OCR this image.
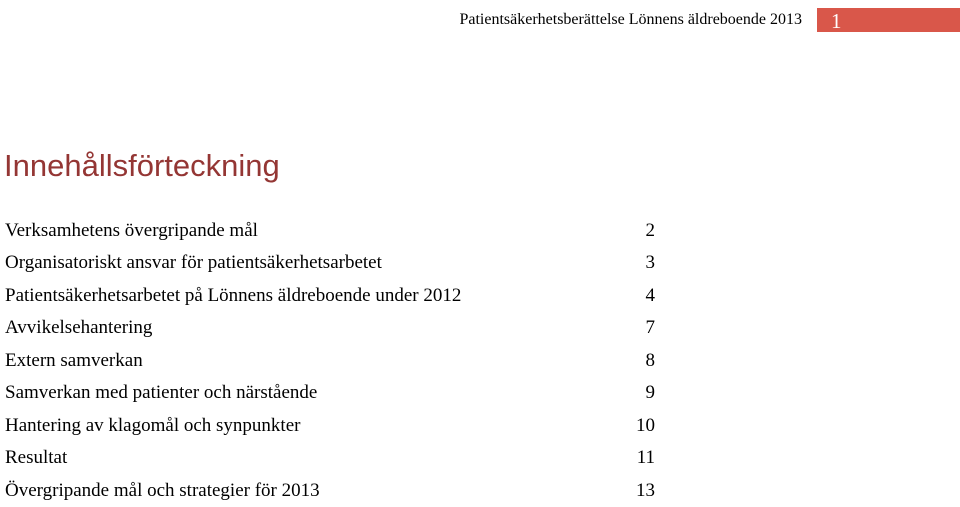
Patientsäkerhetsberättelse Lönnens äldreboende 2013 1
Innehållsförteckning
Verksamhetens övergripande mål	2
Organisatoriskt ansvar för patientsäkerhetsarbetet	3
Patientsäkerhetsarbetet på Lönnens äldreboende under 2012	4
Avvikelsehantering	7
Extern samverkan	8
Samverkan med patienter och närstående	9
Hantering av klagomål och synpunkter	10
Resultat	11
Övergripande mål och strategier för 2013	13
